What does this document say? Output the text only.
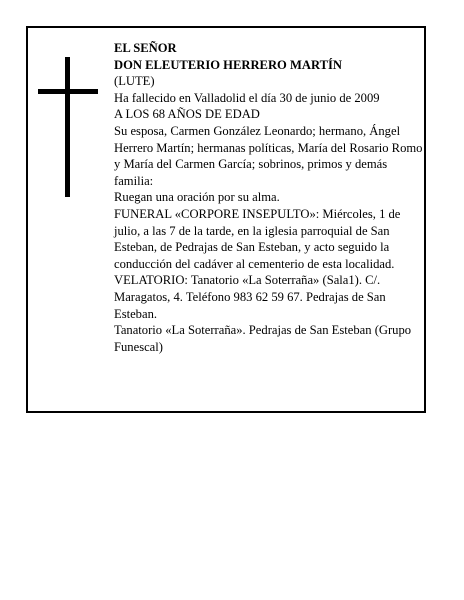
EL SEÑOR

DON ELEUTERIO HERRERO MARTÍN

(LUTE)

Ha fallecido en Valladolid el día 30 de junio de 2009

A LOS 68 AÑOS DE EDAD

Su esposa, Carmen González Leonardo; hermano, Ángel Herrero Martín; hermanas políticas, María del Rosario Romo y María del Carmen García; sobrinos, primos y demás familia:

Ruegan una oración por su alma.

FUNERAL «CORPORE INSEPULTO»: Miércoles, 1 de julio, a las 7 de la tarde, en la iglesia parroquial de San Esteban, de Pedrajas de San Esteban, y acto seguido la conducción del cadáver al cementerio de esta localidad.

VELATORIO: Tanatorio «La Soterraña» (Sala1). C/. Maragatos, 4. Teléfono 983 62 59 67. Pedrajas de San Esteban.

Tanatorio «La Soterraña». Pedrajas de San Esteban (Grupo Funescal)
